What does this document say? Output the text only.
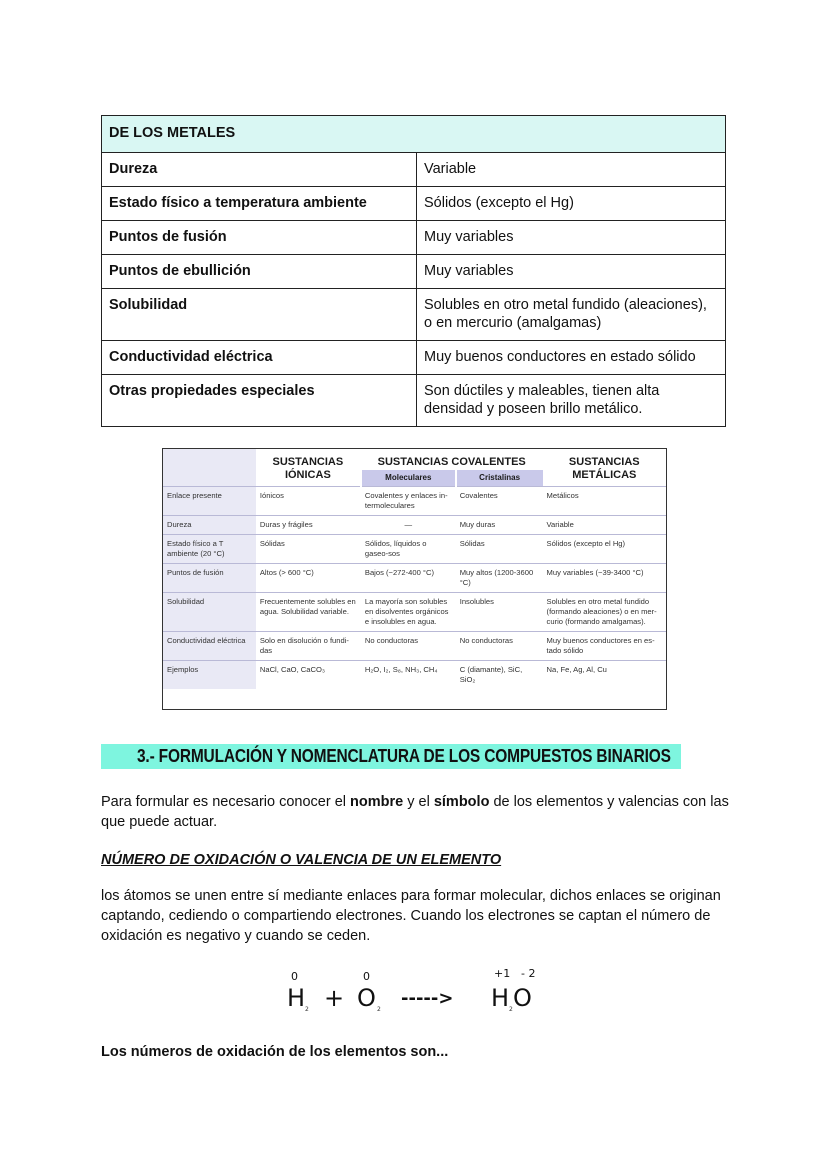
DE LOS METALES	
Dureza	Variable
Estado físico a temperatura ambiente	Sólidos (excepto el Hg)
Puntos de fusión	Muy variables
Puntos de ebullición	Muy variables
Solubilidad	Solubles en otro metal fundido (aleaciones), o en mercurio (amalgamas)
Conductividad eléctrica	Muy buenos conductores en estado sólido
Otras propiedades especiales	Son dúctiles y maleables, tienen alta densidad y poseen brillo metálico.
	SUSTANCIAS IÓNICAS	SUSTANCIAS COVALENTES		SUSTANCIAS METÁLICAS
		Moleculares	Cristalinas	
Enlace presente	Iónicos	Covalentes y enlaces in-termoleculares	Covalentes	Metálicos
Dureza	Duras y frágiles	—	Muy duras	Variable
Estado físico a T ambiente (20 °C)	Sólidas	Sólidos, líquidos o gaseo-sos	Sólidas	Sólidos (excepto el Hg)
Puntos de fusión	Altos (> 600 °C)	Bajos (−272-400 °C)	Muy altos (1200-3600 °C)	Muy variables (−39-3400 °C)
Solubilidad	Frecuentemente solubles en agua. Solubilidad variable.	La mayoría son solubles en disolventes orgánicos e insolubles en agua.	Insolubles	Solubles en otro metal fundido (formando aleaciones) o en mer-curio (formando amalgamas).
Conductividad eléctrica	Solo en disolución o fundi-das	No conductoras	No conductoras	Muy buenos conductores en es-tado sólido
Ejemplos	NaCl, CaO, CaCO₃	H₂O, I₂, S₈, NH₃, CH₄	C (diamante), SiC, SiO₂	Na, Fe, Ag, Al, Cu
3.- FORMULACIÓN Y NOMENCLATURA DE LOS COMPUESTOS BINARIOS
Para formular es necesario conocer el nombre y el símbolo de los elementos y valencias con las que puede actuar.
NÚMERO DE OXIDACIÓN O VALENCIA DE UN ELEMENTO
los átomos se unen entre sí mediante enlaces para formar molecular, dichos enlaces se originan captando, cediendo o compartiendo electrones. Cuando los electrones se captan el número de oxidación es negativo y cuando se ceden.
0
H 2 +
0
O 2
----->
+1 - 2
H 2 O
Los números de oxidación de los elementos son...
